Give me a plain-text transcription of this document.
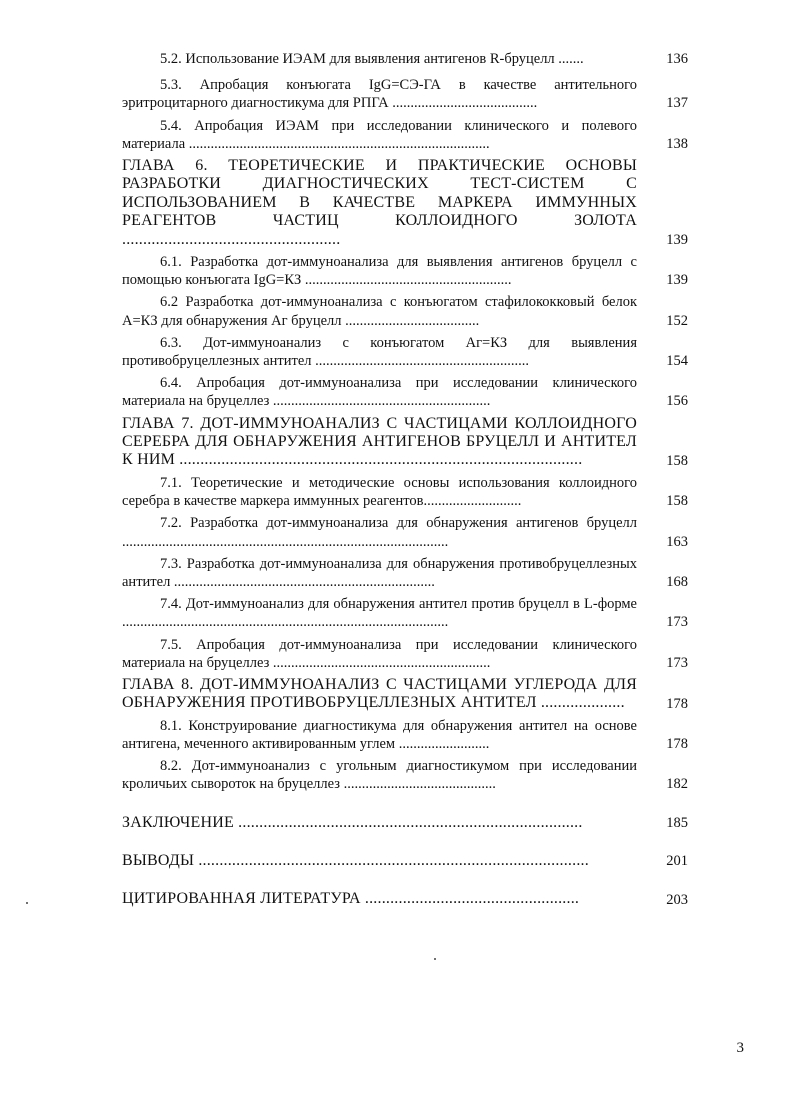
5.2. Использование ИЭАМ для выявления антигенов R-бруцелл .......	136
5.3. Апробация конъюгата IgG=СЭ-ГА в качестве антительного эритроцитарного диагностикума для РПГА ........................................	137
5.4. Апробация ИЭАМ при исследовании клинического и полевого материала ...................................................................................	138
ГЛАВА 6. ТЕОРЕТИЧЕСКИЕ И ПРАКТИЧЕСКИЕ ОСНОВЫ РАЗРАБОТКИ ДИАГНОСТИЧЕСКИХ ТЕСТ-СИСТЕМ С ИСПОЛЬЗОВАНИЕМ В КАЧЕСТВЕ МАРКЕРА ИММУННЫХ РЕАГЕНТОВ ЧАСТИЦ КОЛЛОИДНОГО ЗОЛОТА ....................................................	139
6.1. Разработка дот-иммуноанализа для выявления антигенов бруцелл с помощью конъюгата IgG=КЗ .........................................................	139
6.2 Разработка дот-иммуноанализа с конъюгатом стафилококковый белок А=КЗ для обнаружения Аг бруцелл .....................................	152
6.3. Дот-иммуноанализ с конъюгатом Аг=КЗ для выявления противобруцеллезных антител ...........................................................	154
6.4. Апробация дот-иммуноанализа при исследовании клинического материала на бруцеллез ............................................................	156
ГЛАВА 7. ДОТ-ИММУНОАНАЛИЗ С ЧАСТИЦАМИ КОЛЛОИДНОГО СЕРЕБРА ДЛЯ ОБНАРУЖЕНИЯ АНТИГЕНОВ БРУЦЕЛЛ И АНТИТЕЛ К НИМ ................................................................................................	158
7.1. Теоретические и методические основы использования коллоидного серебра в качестве маркера иммунных реагентов...........................	158
7.2. Разработка дот-иммуноанализа для обнаружения антигенов бруцелл ..........................................................................................	163
7.3. Разработка дот-иммуноанализа для обнаружения противобруцеллезных антител ........................................................................	168
7.4. Дот-иммуноанализ для обнаружения антител против бруцелл в L-форме ..........................................................................................	173
7.5. Апробация дот-иммуноанализа при исследовании клинического материала на бруцеллез ............................................................	173
ГЛАВА 8. ДОТ-ИММУНОАНАЛИЗ С ЧАСТИЦАМИ УГЛЕРОДА ДЛЯ ОБНАРУЖЕНИЯ ПРОТИВОБРУЦЕЛЛЕЗНЫХ АНТИТЕЛ ....................	178
8.1. Конструирование диагностикума для обнаружения антител на основе антигена, меченного активированным углем .........................	178
8.2. Дот-иммуноанализ с угольным диагностикумом при исследовании кроличьих сывороток на бруцеллез ..........................................	182
ЗАКЛЮЧЕНИЕ ..................................................................................	185
ВЫВОДЫ .............................................................................................	201
ЦИТИРОВАННАЯ ЛИТЕРАТУРА ...................................................	203
3
